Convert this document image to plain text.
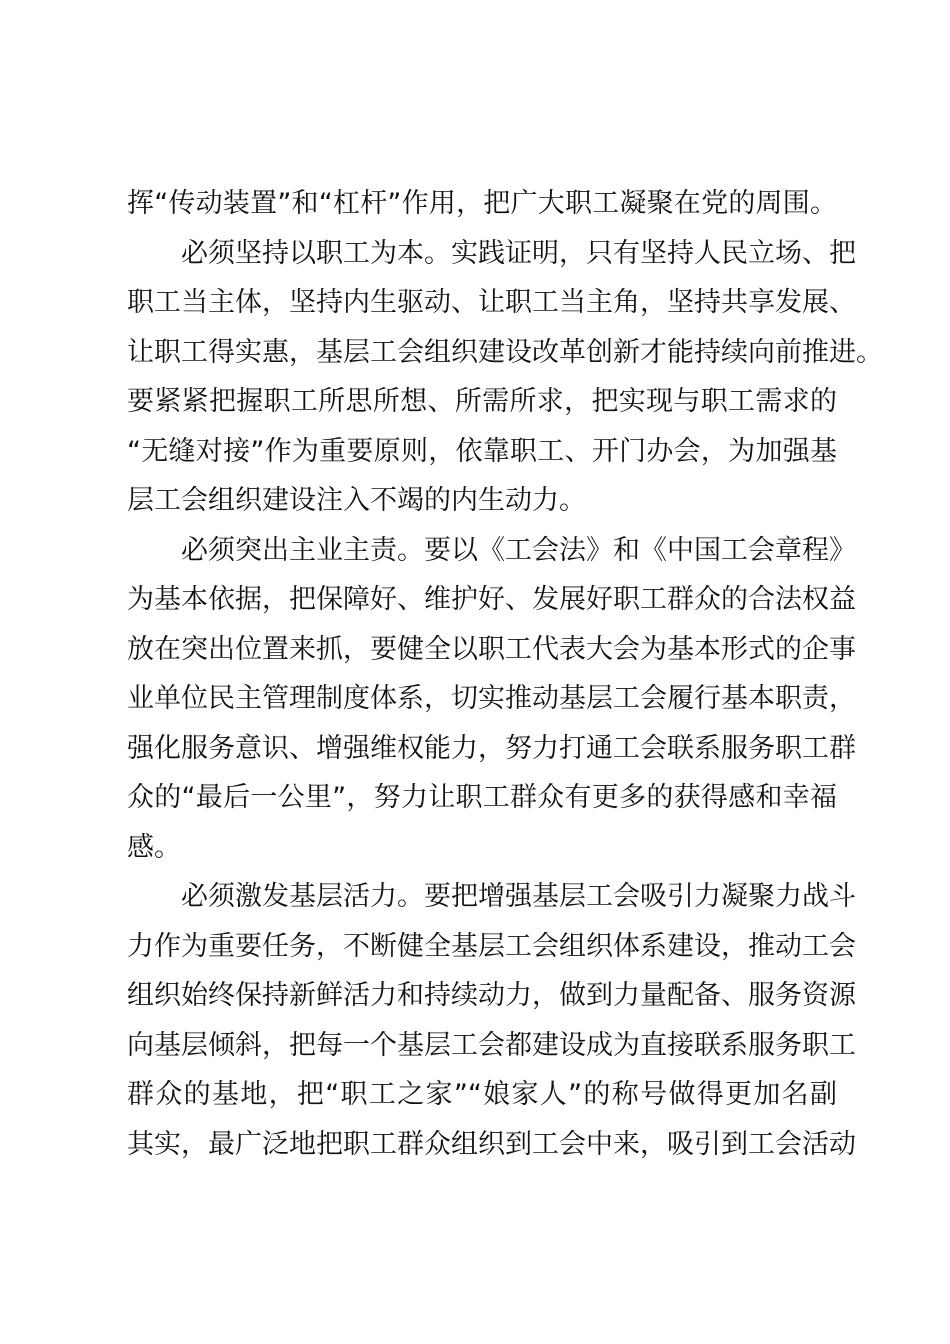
挥“传动装置”和“杠杆”作用，把广大职工凝聚在党的周围。
必须坚持以职工为本。实践证明，只有坚持人民立场、把
职工当主体，坚持内生驱动、让职工当主角，坚持共享发展、
让职工得实惠，基层工会组织建设改革创新才能持续向前推进。
要紧紧把握职工所思所想、所需所求，把实现与职工需求的
“无缝对接”作为重要原则，依靠职工、开门办会，为加强基
层工会组织建设注入不竭的内生动力。
必须突出主业主责。要以《工会法》和《中国工会章程》
为基本依据，把保障好、维护好、发展好职工群众的合法权益
放在突出位置来抓，要健全以职工代表大会为基本形式的企事
业单位民主管理制度体系，切实推动基层工会履行基本职责，
强化服务意识、增强维权能力，努力打通工会联系服务职工群
众的“最后一公里”，努力让职工群众有更多的获得感和幸福
感。
必须激发基层活力。要把增强基层工会吸引力凝聚力战斗
力作为重要任务，不断健全基层工会组织体系建设，推动工会
组织始终保持新鲜活力和持续动力，做到力量配备、服务资源
向基层倾斜，把每一个基层工会都建设成为直接联系服务职工
群众的基地，把“职工之家”“娘家人”的称号做得更加名副
其实，最广泛地把职工群众组织到工会中来，吸引到工会活动
